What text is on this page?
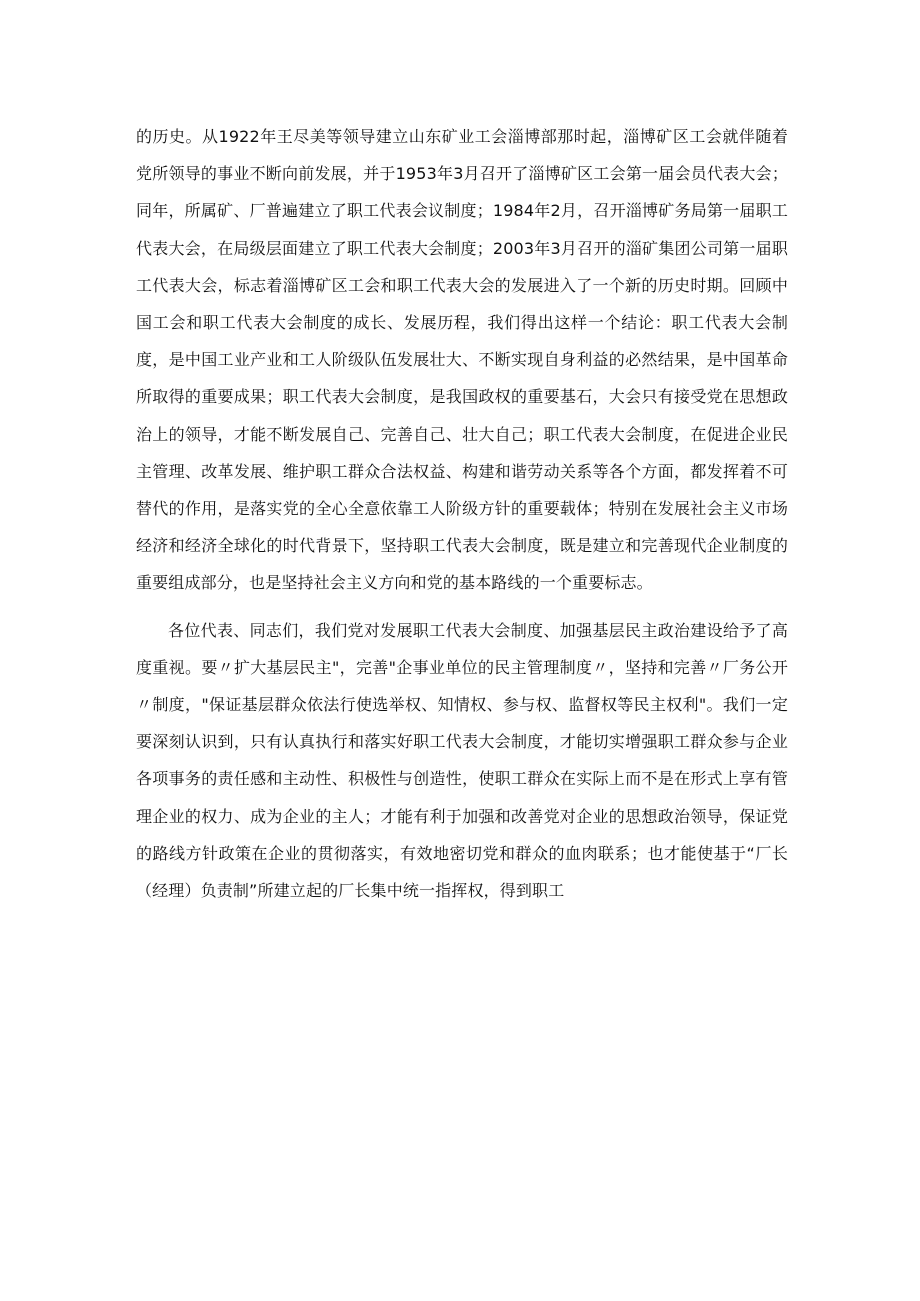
的历史。从1922年王尽美等领导建立山东矿业工会淄博部那时起，淄博矿区工会就伴随着党所领导的事业不断向前发展，并于1953年3月召开了淄博矿区工会第一届会员代表大会；同年，所属矿、厂普遍建立了职工代表会议制度；1984年2月，召开淄博矿务局第一届职工代表大会，在局级层面建立了职工代表大会制度；2003年3月召开的淄矿集团公司第一届职工代表大会，标志着淄博矿区工会和职工代表大会的发展进入了一个新的历史时期。回顾中国工会和职工代表大会制度的成长、发展历程，我们得出这样一个结论：职工代表大会制度，是中国工业产业和工人阶级队伍发展壮大、不断实现自身利益的必然结果，是中国革命所取得的重要成果；职工代表大会制度，是我国政权的重要基石，大会只有接受党在思想政治上的领导，才能不断发展自己、完善自己、壮大自己；职工代表大会制度，在促进企业民主管理、改革发展、维护职工群众合法权益、构建和谐劳动关系等各个方面，都发挥着不可替代的作用，是落实党的全心全意依靠工人阶级方针的重要载体；特别在发展社会主义市场经济和经济全球化的时代背景下，坚持职工代表大会制度，既是建立和完善现代企业制度的重要组成部分，也是坚持社会主义方向和党的基本路线的一个重要标志。

各位代表、同志们，我们党对发展职工代表大会制度、加强基层民主政治建设给予了高度重视。要〃扩大基层民主"，完善"企事业单位的民主管理制度〃，坚持和完善〃厂务公开〃制度，"保证基层群众依法行使选举权、知情权、参与权、监督权等民主权利"。我们一定要深刻认识到，只有认真执行和落实好职工代表大会制度，才能切实增强职工群众参与企业各项事务的责任感和主动性、积极性与创造性，使职工群众在实际上而不是在形式上享有管理企业的权力、成为企业的主人；才能有利于加强和改善党对企业的思想政治领导，保证党的路线方针政策在企业的贯彻落实，有效地密切党和群众的血肉联系；也才能使基于“厂长（经理）负责制”所建立起的厂长集中统一指挥权，得到职工
